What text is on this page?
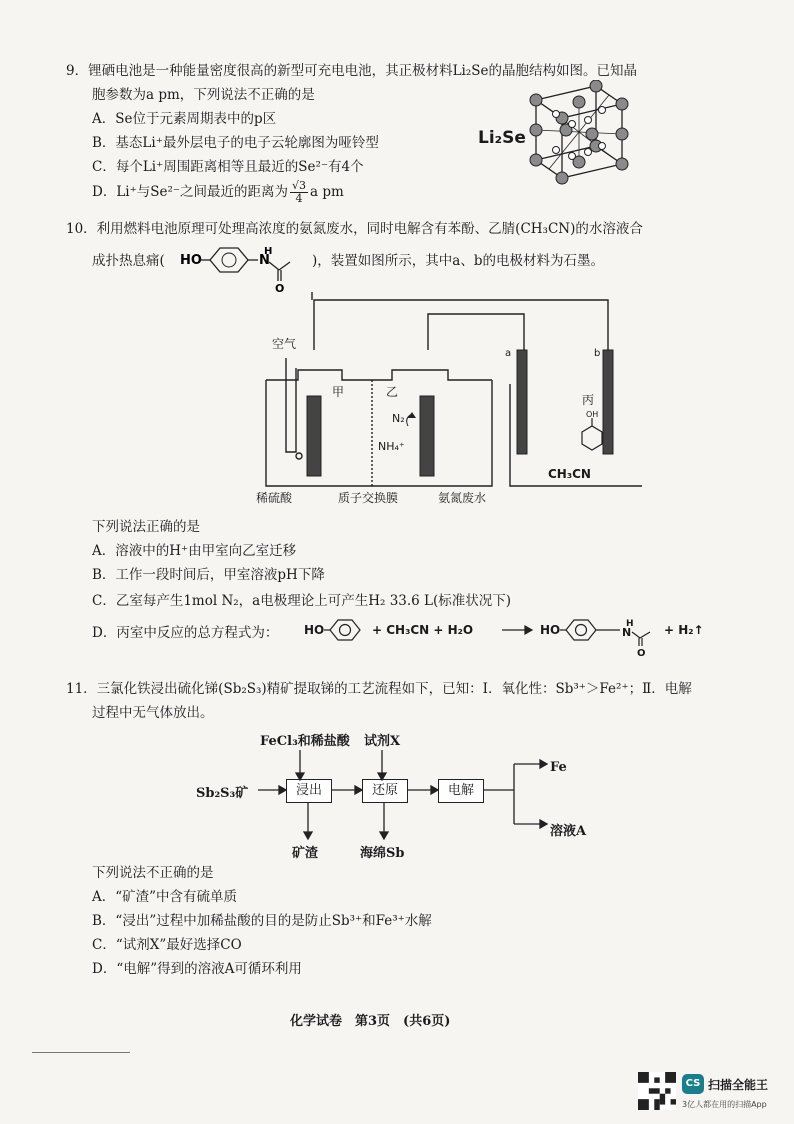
9．锂硒电池是一种能量密度很高的新型可充电电池，其正极材料Li₂Se的晶胞结构如图。已知晶
胞参数为a pm，下列说法不正确的是
A．Se位于元素周期表中的p区
B．基态Li⁺最外层电子的电子云轮廓图为哑铃型
C．每个Li⁺周围距离相等且最近的Se²⁻有4个
D．Li⁺与Se²⁻之间最近的距离为 $\frac{√3}{4}$ a pm
Li₂Se
10．利用燃料电池原理可处理高浓度的氨氮废水，同时电解含有苯酚、乙腈(CH₃CN)的水溶液合
成扑热息痛( HO	N
H
O
)，装置如图所示，其中a、b的电极材料为石墨。
空气
甲	乙
N₂
NH₄⁺
a	b
丙
OH
CH₃CN
稀硫酸	质子交换膜	氨氮废水
下列说法正确的是
A．溶液中的H⁺由甲室向乙室迁移
B．工作一段时间后，甲室溶液pH下降
C．乙室每产生1mol N₂，a电极理论上可产生H₂ 33.6 L(标准状况下)
D．丙室中反应的总方程式为： HO	+ CH₃CN + H₂O	HO	+ H₂↑
N
H
O
11．三氯化铁浸出硫化锑(Sb₂S₃)精矿提取锑的工艺流程如下，已知：Ⅰ．氧化性：Sb³⁺＞Fe²⁺；Ⅱ．电解
过程中无气体放出。
FeCl₃和稀盐酸 试剂X
Sb₂S₃矿	浸出	还原	电解
Fe
溶液A
矿渣	海绵Sb
下列说法不正确的是
A．“矿渣”中含有硫单质
B．“浸出”过程中加稀盐酸的目的是防止Sb³⁺和Fe³⁺水解
C．“试剂X”最好选择CO
D．“电解”得到的溶液A可循环利用
化学试卷　第3页　(共6页)
CS 扫描全能王
3亿人都在用的扫描App
